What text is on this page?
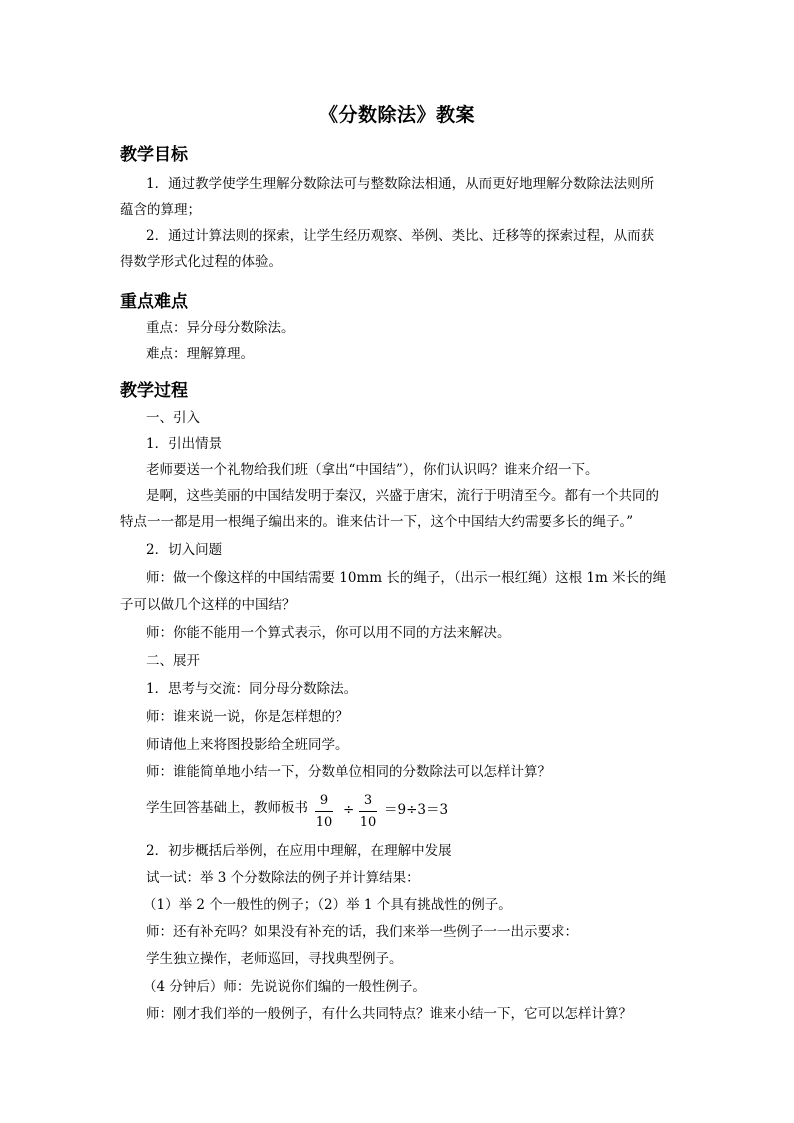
《分数除法》教案
教学目标
1．通过教学使学生理解分数除法可与整数除法相通，从而更好地理解分数除法法则所
蕴含的算理；
2．通过计算法则的探索，让学生经历观察、举例、类比、迁移等的探索过程，从而获
得数学形式化过程的体验。
重点难点
重点：异分母分数除法。
难点：理解算理。
教学过程
一、引入
1．引出情景
老师要送一个礼物给我们班（拿出“中国结”），你们认识吗？谁来介绍一下。
是啊，这些美丽的中国结发明于秦汉，兴盛于唐宋，流行于明清至今。都有一个共同的
特点一一都是用一根绳子编出来的。谁来估计一下，这个中国结大约需要多长的绳子。”
2．切入问题
师：做一个像这样的中国结需要 10mm 长的绳子，（出示一根红绳）这根 1m 米长的绳
子可以做几个这样的中国结？
师：你能不能用一个算式表示，你可以用不同的方法来解决。
二、展开
1．思考与交流：同分母分数除法。
师：谁来说一说，你是怎样想的？
师请他上来将图投影给全班同学。
师：谁能简单地小结一下，分数单位相同的分数除法可以怎样计算？
学生回答基础上，教师板书 9
10
÷
3
10
＝9÷3＝3
2．初步概括后举例，在应用中理解，在理解中发展
试一试：举 3 个分数除法的例子并计算结果：
（1）举 2 个一般性的例子；（2）举 1 个具有挑战性的例子。
师：还有补充吗？如果没有补充的话，我们来举一些例子一一出示要求：
学生独立操作，老师巡回，寻找典型例子。
（4 分钟后）师：先说说你们编的一般性例子。
师：刚才我们举的一般例子，有什么共同特点？谁来小结一下，它可以怎样计算？
